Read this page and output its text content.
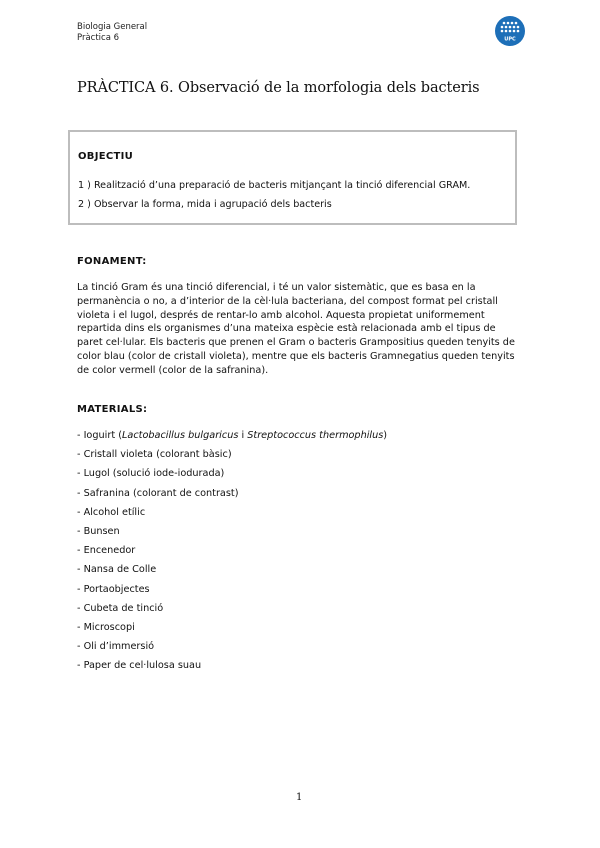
Biologia General
Pràctica 6	UPC
PRÀCTICA 6. Observació de la morfologia dels bacteris
OBJECTIU
1 ) Realització d’una preparació de bacteris mitjançant la tinció diferencial GRAM.
2 ) Observar la forma, mida i agrupació dels bacteris
FONAMENT:
La tinció Gram és una tinció diferencial, i té un valor sistemàtic, que es basa en la
permanència o no, a d’interior de la cèl·lula bacteriana, del compost format pel cristall
violeta i el lugol, després de rentar-lo amb alcohol. Aquesta propietat uniformement
repartida dins els organismes d’una mateixa espècie està relacionada amb el tipus de
paret cel·lular. Els bacteris que prenen el Gram o bacteris Grampositius queden tenyits de
color blau (color de cristall violeta), mentre que els bacteris Gramnegatius queden tenyits
de color vermell (color de la safranina).
MATERIALS:
- Ioguirt (Lactobacillus bulgaricus i Streptococcus thermophilus)
- Cristall violeta (colorant bàsic)
- Lugol (solució iode-iodurada)
- Safranina (colorant de contrast)
- Alcohol etílic
- Bunsen
- Encenedor
- Nansa de Colle
- Portaobjectes
- Cubeta de tinció
- Microscopi
- Oli d’immersió
- Paper de cel·lulosa suau
1
